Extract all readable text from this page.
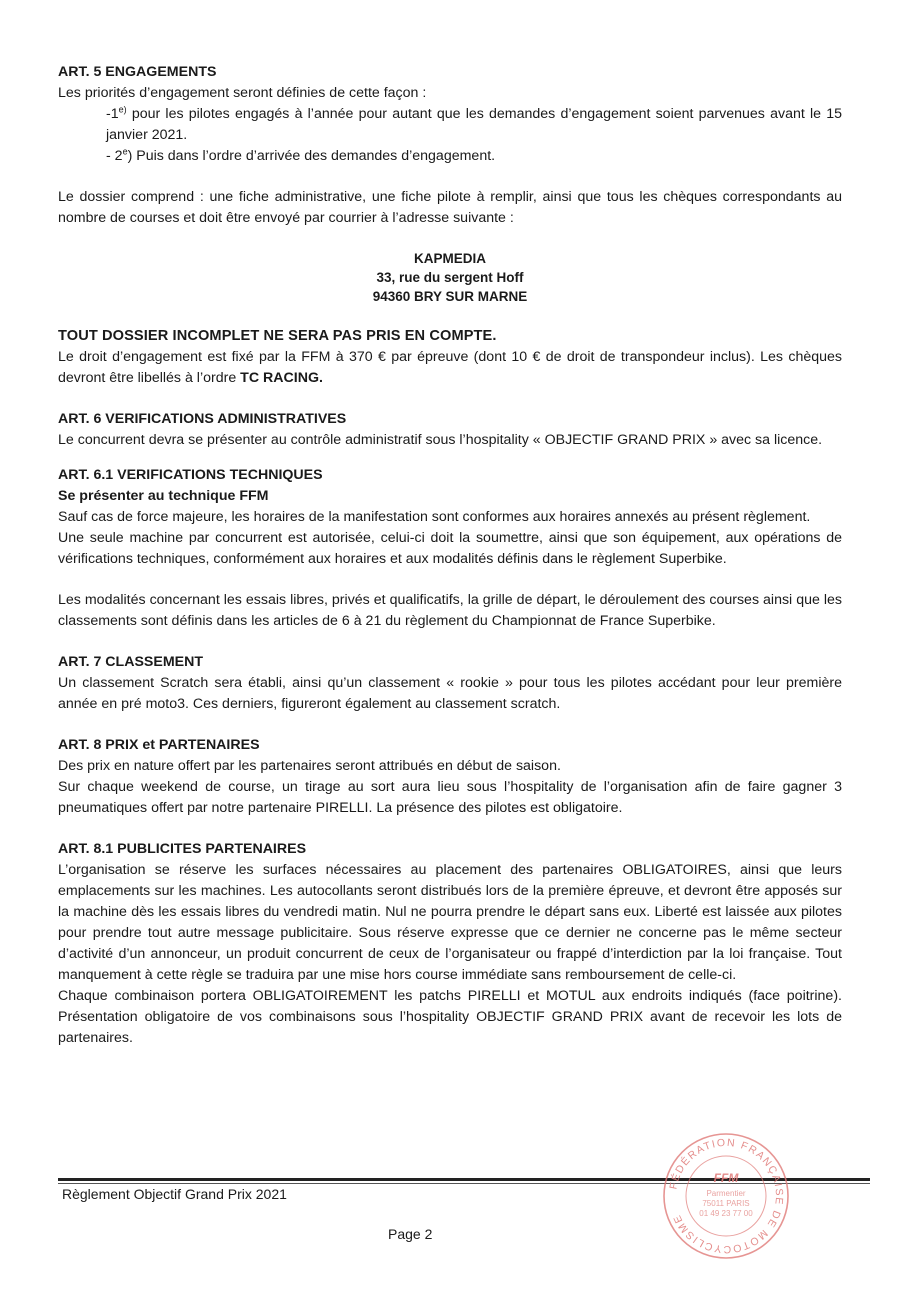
ART. 5 ENGAGEMENTS

Les priorités d’engagement seront définies de cette façon :

-1$^{e)}$ pour les pilotes engagés à l’année pour autant que les demandes d’engagement soient parvenues avant le 15 janvier 2021.

- 2e) Puis dans l’ordre d’arrivée des demandes d’engagement.

Le dossier comprend : une fiche administrative, une fiche pilote à remplir, ainsi que tous les chèques correspondants au nombre de courses et doit être envoyé par courrier à l’adresse suivante :

KAPMEDIA
33, rue du sergent Hoff
94360 BRY SUR MARNE

TOUT DOSSIER INCOMPLET NE SERA PAS PRIS EN COMPTE.

Le droit d’engagement est fixé par la FFM à 370 € par épreuve (dont 10 € de droit de transpondeur inclus). Les chèques devront être libellés à l’ordre TC RACING.

ART. 6 VERIFICATIONS ADMINISTRATIVES

Le concurrent devra se présenter au contrôle administratif sous l’hospitality « OBJECTIF GRAND PRIX » avec sa licence.

ART. 6.1 VERIFICATIONS TECHNIQUES

Se présenter au technique FFM

Sauf cas de force majeure, les horaires de la manifestation sont conformes aux horaires annexés au présent règlement.

Une seule machine par concurrent est autorisée, celui-ci doit la soumettre, ainsi que son équipement, aux opérations de vérifications techniques, conformément aux horaires et aux modalités définis dans le règlement Superbike.

Les modalités concernant les essais libres, privés et qualificatifs, la grille de départ, le déroulement des courses ainsi que les classements sont définis dans les articles de 6 à 21 du règlement du Championnat de France Superbike.

ART. 7 CLASSEMENT

Un classement Scratch sera établi, ainsi qu’un classement « rookie » pour tous les pilotes accédant pour leur première année en pré moto3. Ces derniers, figureront également au classement scratch.

ART. 8 PRIX et PARTENAIRES

Des prix en nature offert par les partenaires seront attribués en début de saison.

Sur chaque weekend de course, un tirage au sort aura lieu sous l’hospitality de l’organisation afin de faire gagner 3 pneumatiques offert par notre partenaire PIRELLI. La présence des pilotes est obligatoire.

ART. 8.1 PUBLICITES PARTENAIRES

L’organisation se réserve les surfaces nécessaires au placement des partenaires OBLIGATOIRES, ainsi que leurs emplacements sur les machines. Les autocollants seront distribués lors de la première épreuve, et devront être apposés sur la machine dès les essais libres du vendredi matin. Nul ne pourra prendre le départ sans eux. Liberté est laissée aux pilotes pour prendre tout autre message publicitaire. Sous réserve expresse que ce dernier ne concerne pas le même secteur d’activité d’un annonceur, un produit concurrent de ceux de l’organisateur ou frappé d’interdiction par la loi française. Tout manquement à cette règle se traduira par une mise hors course immédiate sans remboursement de celle-ci.

Chaque combinaison portera OBLIGATOIREMENT les patchs PIRELLI et MOTUL aux endroits indiqués (face poitrine). Présentation obligatoire de vos combinaisons sous l’hospitality OBJECTIF GRAND PRIX avant de recevoir les lots de partenaires.

Règlement Objectif Grand Prix 2021
Page 2
FÉDÉRATION FRANÇAISE DE MOTOCYCLISME
FFM
Parmentier
75011 PARIS
01 49 23 77 00
